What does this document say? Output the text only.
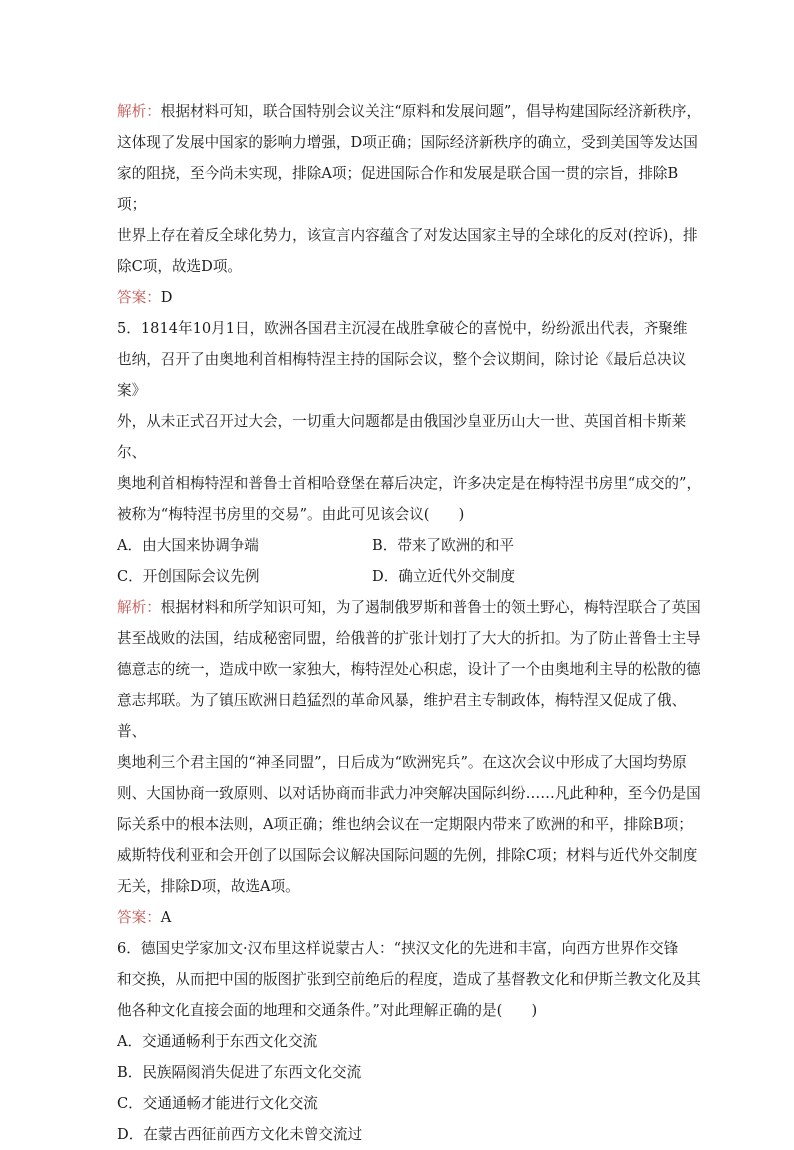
解析：根据材料可知，联合国特别会议关注“原料和发展问题”，倡导构建国际经济新秩序，

这体现了发展中国家的影响力增强，D项正确；国际经济新秩序的确立，受到美国等发达国

家的阻挠，至今尚未实现，排除A项；促进国际合作和发展是联合国一贯的宗旨，排除B项；

世界上存在着反全球化势力，该宣言内容蕴含了对发达国家主导的全球化的反对(控诉)，排

除C项，故选D项。

答案：D

5．1814年10月1日，欧洲各国君主沉浸在战胜拿破仑的喜悦中，纷纷派出代表，齐聚维

也纳，召开了由奥地利首相梅特涅主持的国际会议，整个会议期间，除讨论《最后总决议案》

外，从未正式召开过大会，一切重大问题都是由俄国沙皇亚历山大一世、英国首相卡斯莱尔、

奥地利首相梅特涅和普鲁士首相哈登堡在幕后决定，许多决定是在梅特涅书房里“成交的”，

被称为“梅特涅书房里的交易”。由此可见该会议(　　)

A．由大国来协调争端	B．带来了欧洲的和平

C．开创国际会议先例	D．确立近代外交制度

解析：根据材料和所学知识可知，为了遏制俄罗斯和普鲁士的领土野心，梅特涅联合了英国

甚至战败的法国，结成秘密同盟，给俄普的扩张计划打了大大的折扣。为了防止普鲁士主导

德意志的统一，造成中欧一家独大，梅特涅处心积虑，设计了一个由奥地利主导的松散的德

意志邦联。为了镇压欧洲日趋猛烈的革命风暴，维护君主专制政体，梅特涅又促成了俄、普、

奥地利三个君主国的“神圣同盟”，日后成为“欧洲宪兵”。在这次会议中形成了大国均势原

则、大国协商一致原则、以对话协商而非武力冲突解决国际纠纷……凡此种种，至今仍是国

际关系中的根本法则，A项正确；维也纳会议在一定期限内带来了欧洲的和平，排除B项；

威斯特伐利亚和会开创了以国际会议解决国际问题的先例，排除C项；材料与近代外交制度

无关，排除D项，故选A项。

答案：A

6．德国史学家加文·汉布里这样说蒙古人：“挟汉文化的先进和丰富，向西方世界作交锋

和交换，从而把中国的版图扩张到空前绝后的程度，造成了基督教文化和伊斯兰教文化及其

他各种文化直接会面的地理和交通条件。”对此理解正确的是(　　)

A．交通通畅利于东西文化交流

B．民族隔阂消失促进了东西文化交流

C．交通通畅才能进行文化交流

D．在蒙古西征前西方文化未曾交流过
